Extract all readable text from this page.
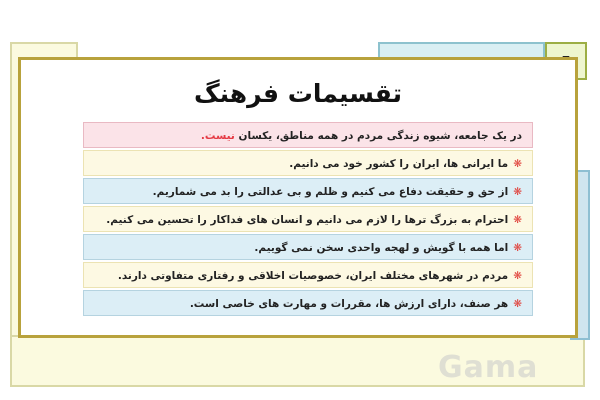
تقسیمات فرهنگ
در یک جامعه، شیوه زندگی مردم در همه مناطق، یکسان نیست.
❋ما ایرانی ها، ایران را کشور خود می دانیم.
❋از حق و حقیقت دفاع می کنیم و ظلم و بی عدالتی را بد می شماریم.
❋احترام به بزرگ ترها را لازم می دانیم و انسان های فداکار را تحسین می کنیم.
❋اما همه با گویش و لهجه واحدی سخن نمی گوییم.
❋مردم در شهرهای مختلف ایران، خصوصیات اخلاقی و رفتاری متفاوتی دارند.
❋هر صنف، دارای ارزش ها، مقررات و مهارت های خاصی است.
Gama
